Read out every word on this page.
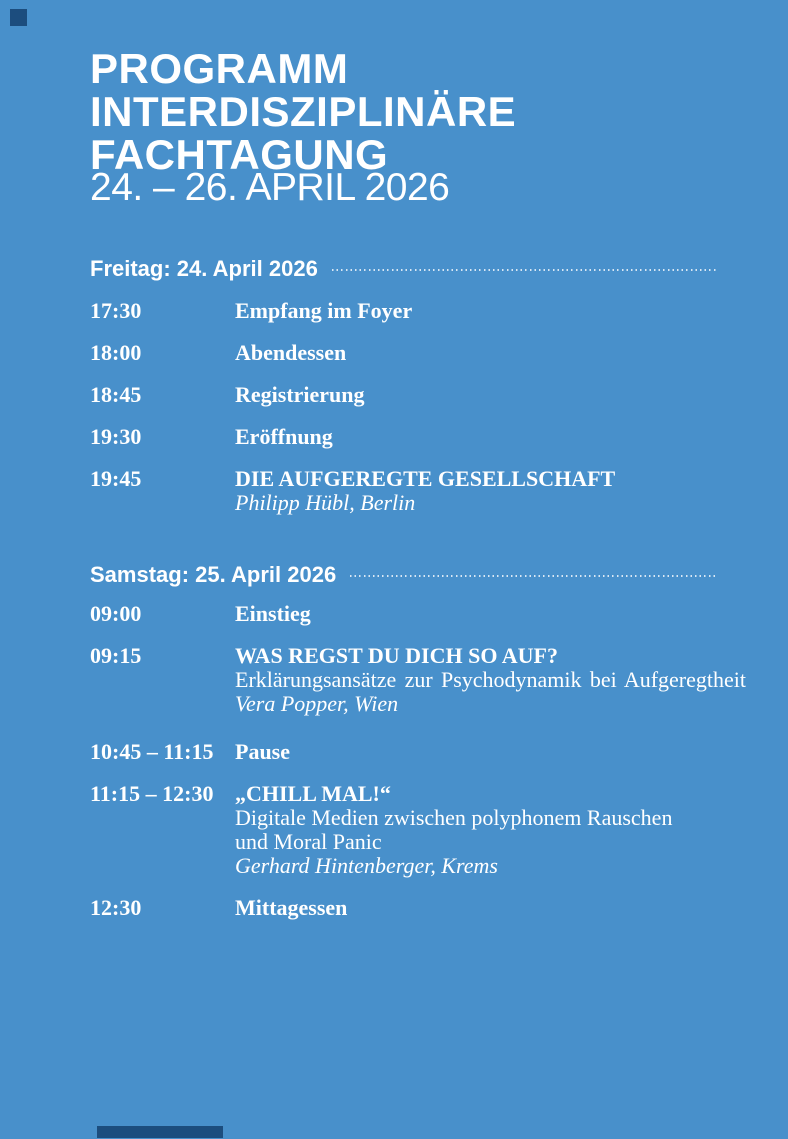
PROGRAMM
INTERDISZIPLINÄRE
FACHTAGUNG
24. – 26. APRIL 2026
Freitag: 24. April 2026
17:30	Empfang im Foyer
18:00	Abendessen
18:45	Registrierung
19:30	Eröffnung
19:45	DIE AUFGEREGTE GESELLSCHAFT
Philipp Hübl, Berlin
Samstag: 25. April 2026
09:00	Einstieg
09:15	WAS REGST DU DICH SO AUF?
Erklärungsansätze zur Psychodynamik bei Aufgeregtheit
Vera Popper, Wien
10:45 – 11:15 Pause
11:15 – 12:30 „CHILL MAL!“
Digitale Medien zwischen polyphonem Rauschen
und Moral Panic
Gerhard Hintenberger, Krems
12:30	Mittagessen
